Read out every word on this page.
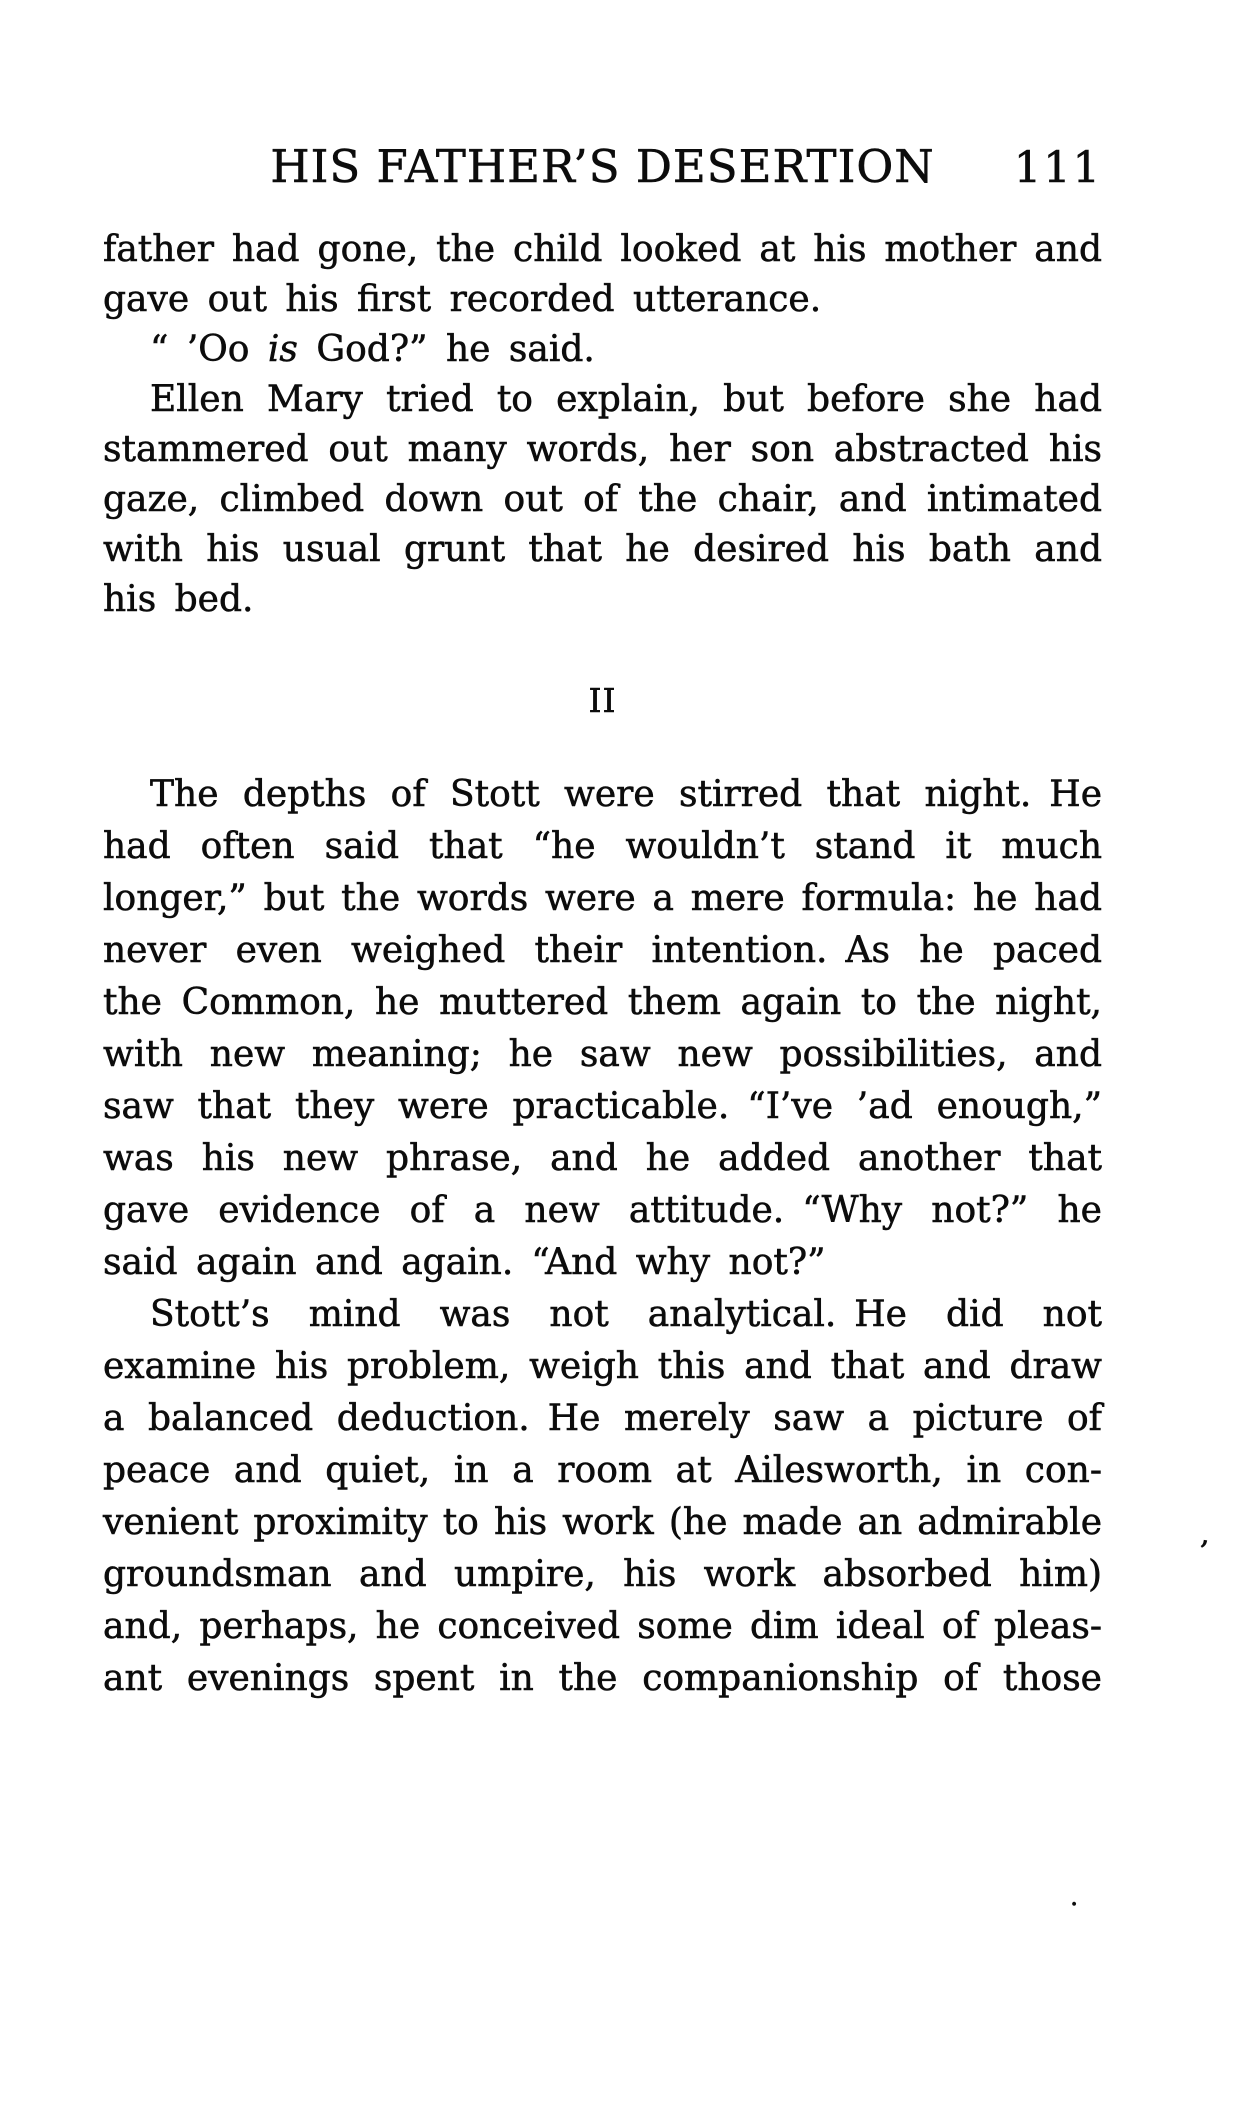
HIS FATHER’S DESERTION	111
father had gone, the child looked at his mother and
gave out his first recorded utterance.
“ ’Oo is God?” he said.
Ellen Mary tried to explain, but before she had
stammered out many words, her son abstracted his
gaze, climbed down out of the chair, and intimated
with his usual grunt that he desired his bath and
his bed.
II
The depths of Stott were stirred that night. He
had often said that “he wouldn’t stand it much
longer,” but the words were a mere formula: he had
never even weighed their intention. As he paced
the Common, he muttered them again to the night,
with new meaning; he saw new possibilities, and
saw that they were practicable. “I’ve ’ad enough,”
was his new phrase, and he added another that
gave evidence of a new attitude. “Why not?” he
said again and again. “And why not?”
Stott’s mind was not analytical. He did not
examine his problem, weigh this and that and draw
a balanced deduction. He merely saw a picture of
peace and quiet, in a room at Ailesworth, in con-
venient proximity to his work (he made an admirable
groundsman and umpire, his work absorbed him)
and, perhaps, he conceived some dim ideal of pleas-
ant evenings spent in the companionship of those
’
·
